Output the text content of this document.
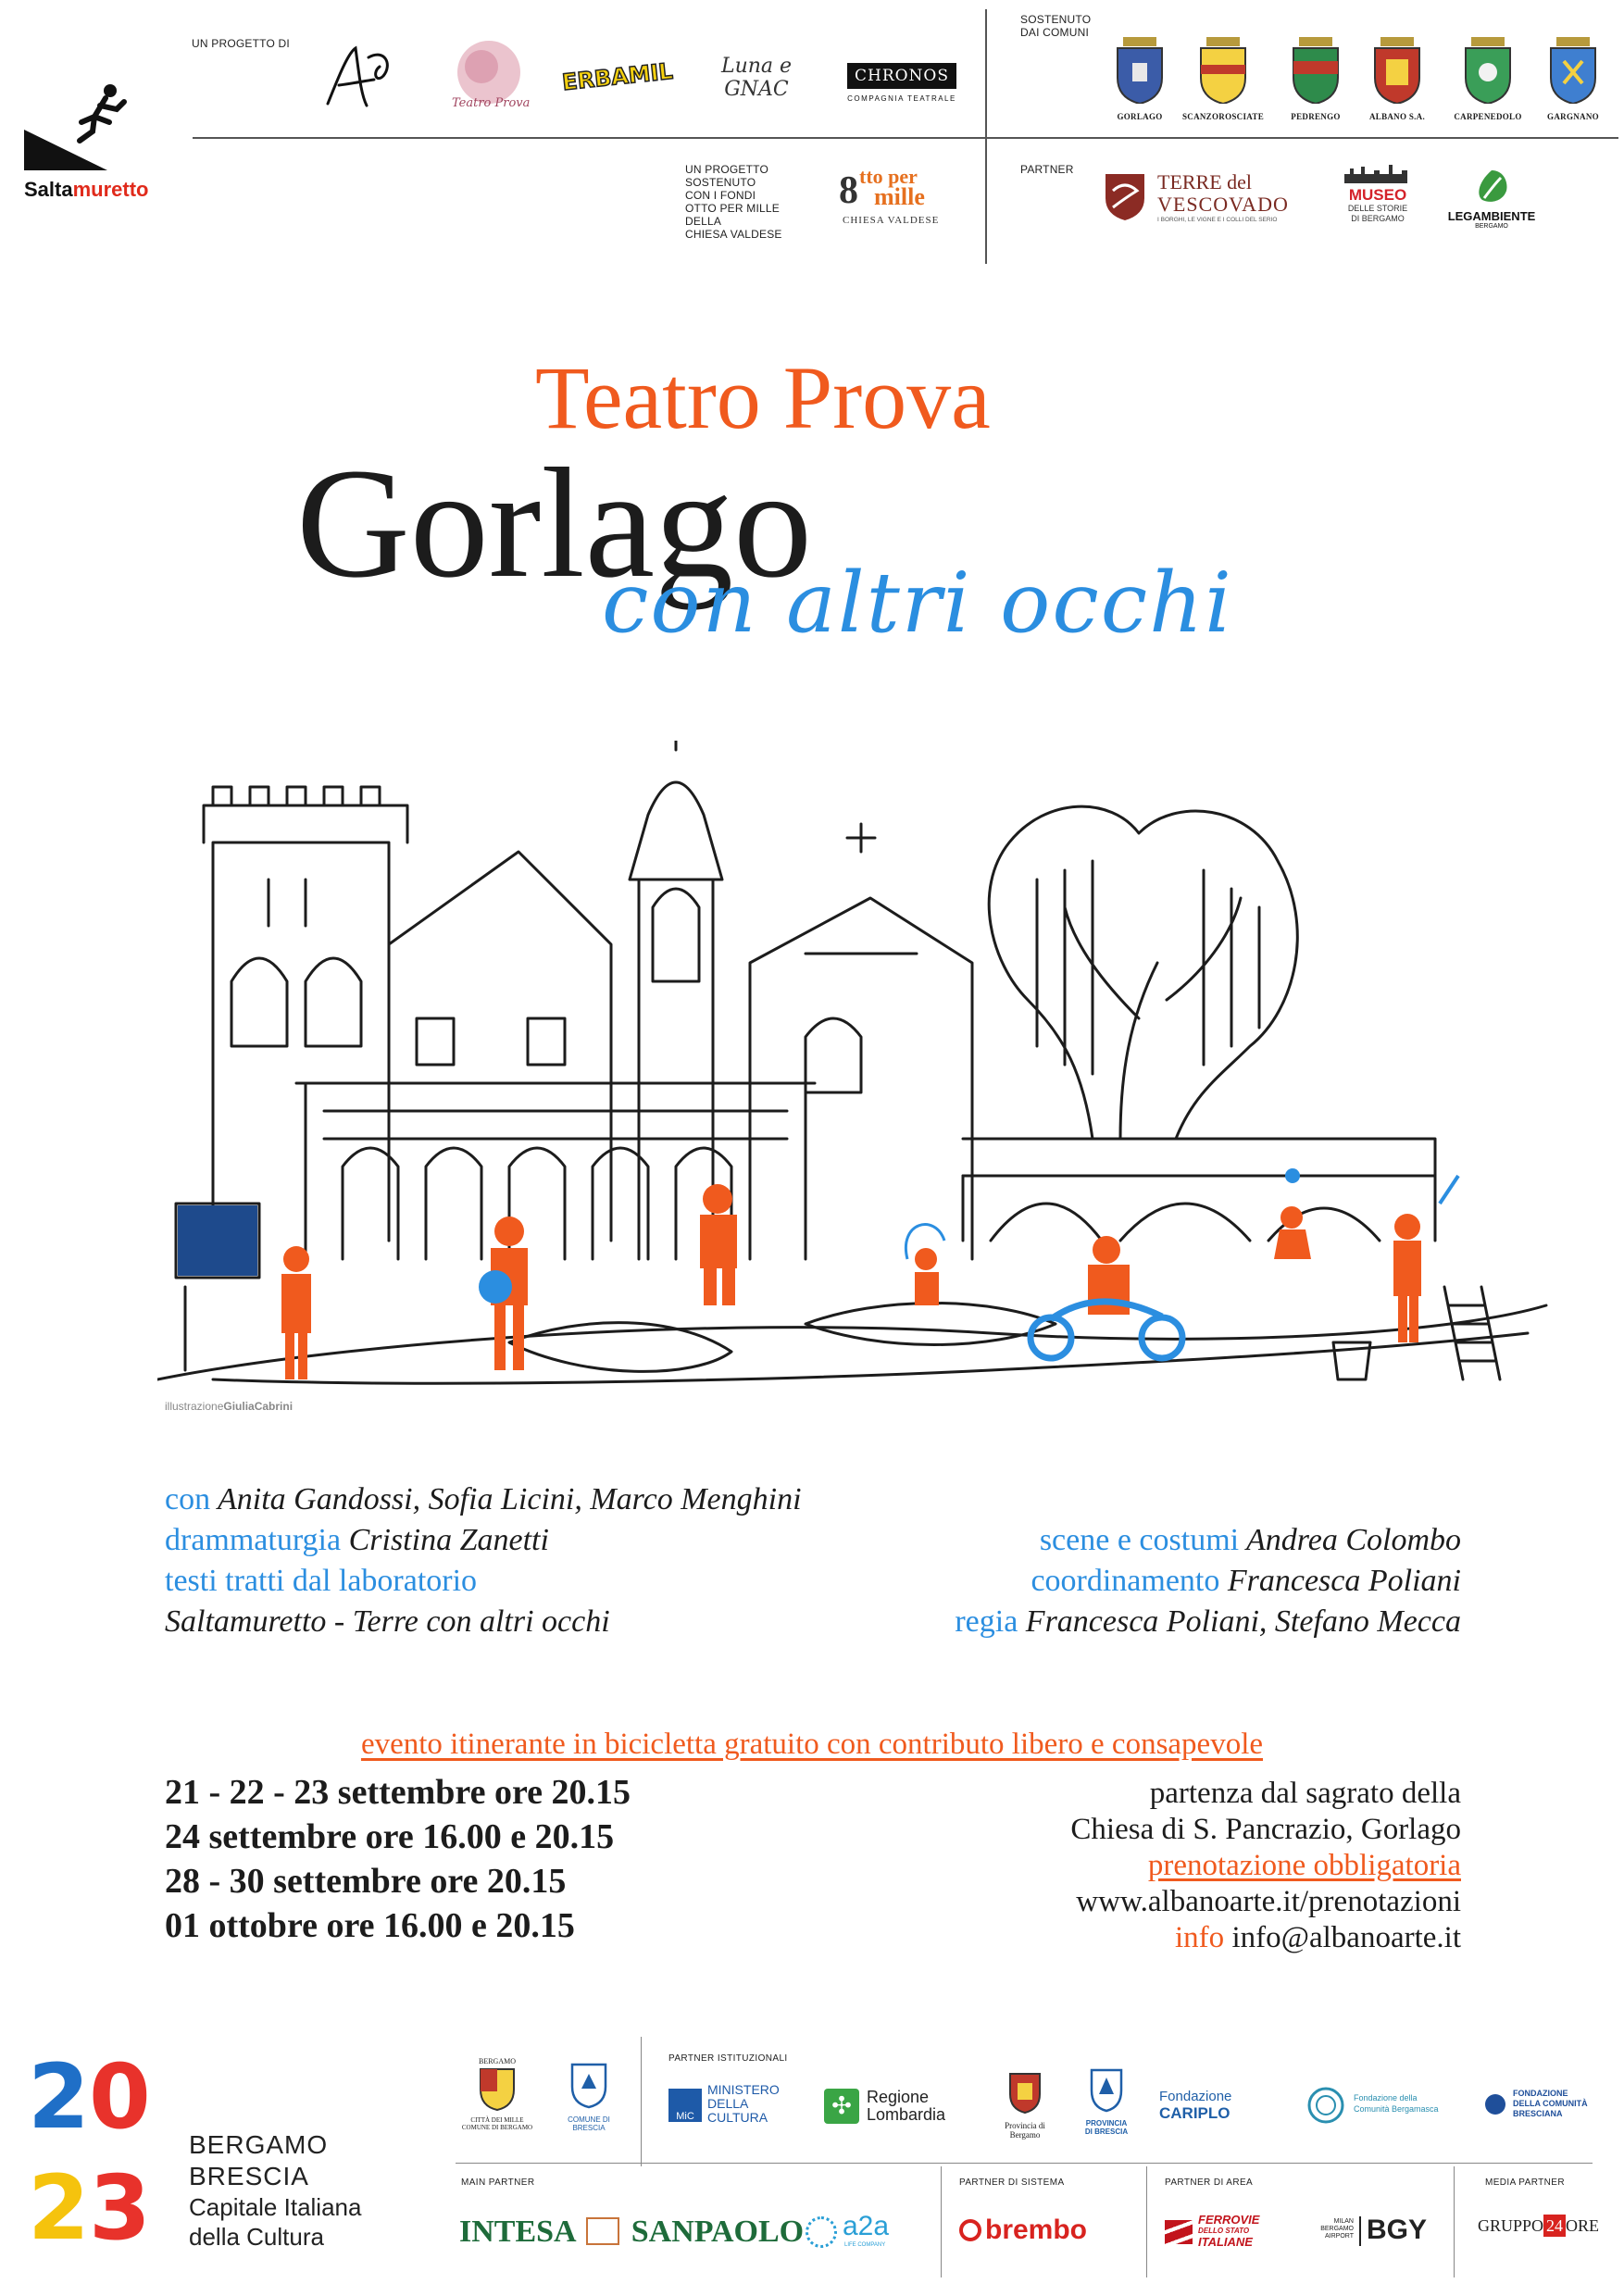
Saltamuretto
UN PROGETTO DI
Teatro Prova
ERBAMIL	Luna e GNAC
CHRONOS
COMPAGNIA TEATRALE
SOSTENUTO
DAI COMUNI
GORLAGO	SCANZOROSCIATE	PEDRENGO	ALBANO S.A.	CARPENEDOLO	GARGNANO
UN PROGETTO
SOSTENUTO
CON I FONDI
OTTO PER MILLE
DELLA
CHIESA VALDESE
8 tto per
mille
CHIESA VALDESE
PARTNER
TERRE del
VESCOVADO
I BORGHI, LE VIGNE E I COLLI DEL SERIO
MUSEO
DELLE STORIE
DI BERGAMO	LEGAMBIENTE
BERGAMO
Teatro Prova
Gorlago
con altri occhi
illustrazioneGiuliaCabrini
con Anita Gandossi, Sofia Licini, Marco Menghini
drammaturgia Cristina Zanetti
testi tratti dal laboratorio
Saltamuretto - Terre con altri occhi
scene e costumi Andrea Colombo
coordinamento Francesca Poliani
regia Francesca Poliani, Stefano Mecca
evento itinerante in bicicletta gratuito con contributo libero e consapevole
21 - 22 - 23 settembre ore 20.15
24 settembre ore 16.00 e 20.15
28 - 30 settembre ore 20.15
01 ottobre ore 16.00 e 20.15
partenza dal sagrato della
Chiesa di S. Pancrazio, Gorlago
prenotazione obbligatoria
www.albanoarte.it/prenotazioni
info info@albanoarte.it
2 0
2 3
BERGAMO
BRESCIA
Capitale Italiana
della Cultura
BERGAMO
CITTÀ DEI MILLE
COMUNE DI BERGAMO
COMUNE DI
BRESCIA
PARTNER ISTITUZIONALI
MiC
MINISTERO
DELLA
CULTURA	✣ Regione
Lombardia
Provincia di
Bergamo
PROVINCIA
DI BRESCIA
Fondazione
CARIPLO
Fondazione della
Comunità Bergamasca
FONDAZIONE
DELLA COMUNITÀ
BRESCIANA
MAIN PARTNER
INTESA SANPAOLO a2a
LIFE COMPANY
PARTNER DI SISTEMA
brembo
PARTNER DI AREA
FERROVIE
DELLO STATO
ITALIANE
MILAN BERGAMO AIRPORT BGY
MEDIA PARTNER
GRUPPO 24 ORE
